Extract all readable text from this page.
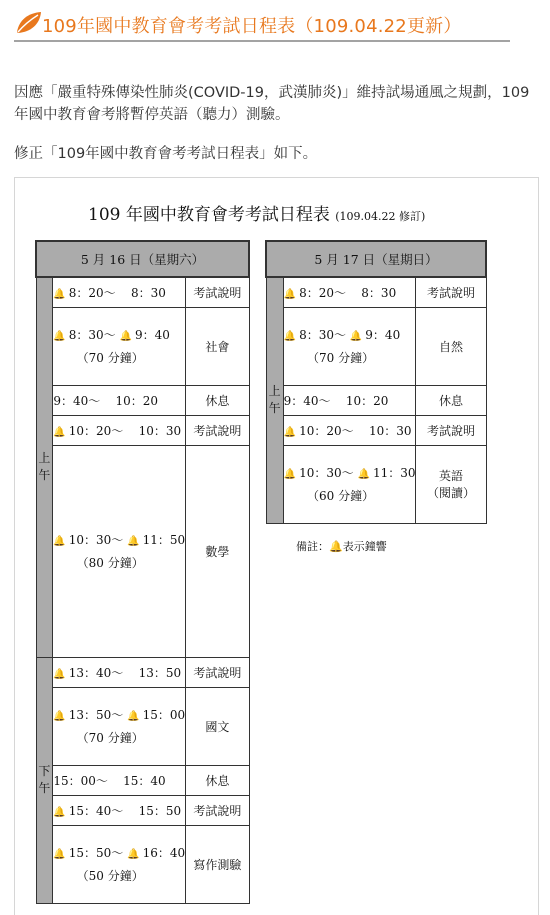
109年國中教育會考考試日程表（109.04.22更新）
因應「嚴重特殊傳染性肺炎(COVID-19，武漢肺炎)」維持試場通風之規劃，109
年國中教育會考將暫停英語（聽力）測驗。
修正「109年國中教育會考考試日程表」如下。
109 年國中教育會考考試日程表 (109.04.22 修訂)
5 月 16 日（星期六）		
上
午	🔔 8：20～ 8：30	考試說明
	🔔 8：30～ 🔔 9：40
（70 分鐘）	社會
	9：40～ 10：20	休息
	🔔 10：20～ 10：30	考試說明
	🔔 10：30～ 🔔 11：50
（80 分鐘）	數學
下
午	🔔 13：40～ 13：50	考試說明
	🔔 13：50～ 🔔 15：00
（70 分鐘）	國文
	15：00～ 15：40	休息
	🔔 15：40～ 15：50	考試說明
	🔔 15：50～ 🔔 16：40
（50 分鐘）	寫作測驗
5 月 17 日（星期日）		
上
午	🔔 8：20～ 8：30	考試說明
	🔔 8：30～ 🔔 9：40
（70 分鐘）	自然
	9：40～ 10：20	休息
	🔔 10：20～ 10：30	考試說明
	🔔 10：30～ 🔔 11：30
（60 分鐘）	英語
（閱讀）
備註：🔔表示鐘響
